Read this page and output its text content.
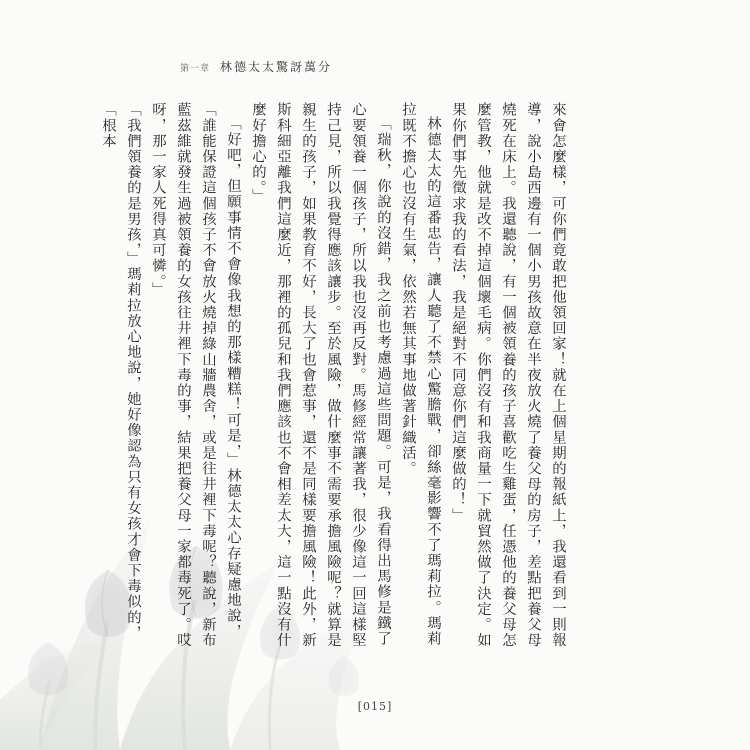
第一章 林德太太驚訝萬分

來會怎麼樣，可你們竟敢把他領回家！就在上個星期的報紙上，我還看到一則報導，說小島西邊有一個小男孩故意在半夜放火燒了養父母的房子，差點把養父母燒死在床上。我還聽說，有一個被領養的孩子喜歡吃生雞蛋，任憑他的養父母怎麼管教，他就是改不掉這個壞毛病。你們沒有和我商量一下就貿然做了決定。如果你們事先徵求我的看法，我是絕對不同意你們這麼做的！」

林德太太的這番忠告，讓人聽了不禁心驚膽戰，卻絲毫影響不了瑪莉拉。瑪莉拉既不擔心也沒有生氣，依然若無其事地做著針織活。

「瑞秋，你說的沒錯，我之前也考慮過這些問題。可是，我看得出馬修是鐵了心要領養一個孩子，所以我也沒再反對。馬修經常讓著我，很少像這一回這樣堅持己見，所以我覺得應該讓步。至於風險，做什麼事不需要承擔風險呢？就算是親生的孩子，如果教育不好，長大了也會惹事，還不是同樣要擔風險！此外，新斯科細亞離我們這麼近，那裡的孤兒和我們應該也不會相差太大，這一點沒有什麼好擔心的。」

「好吧，但願事情不會像我想的那樣糟糕！可是，」林德太太心存疑慮地說，「誰能保證這個孩子不會放火燒掉綠山牆農舍，或是往井裡下毒呢？聽說，新布藍茲維就發生過被領養的女孩往井裡下毒的事，結果把養父母一家都毒死了。哎呀，那一家人死得真可憐。」

「我們領養的是男孩，」瑪莉拉放心地說，她好像認為只有女孩才會下毒似的，「根本

[015]
